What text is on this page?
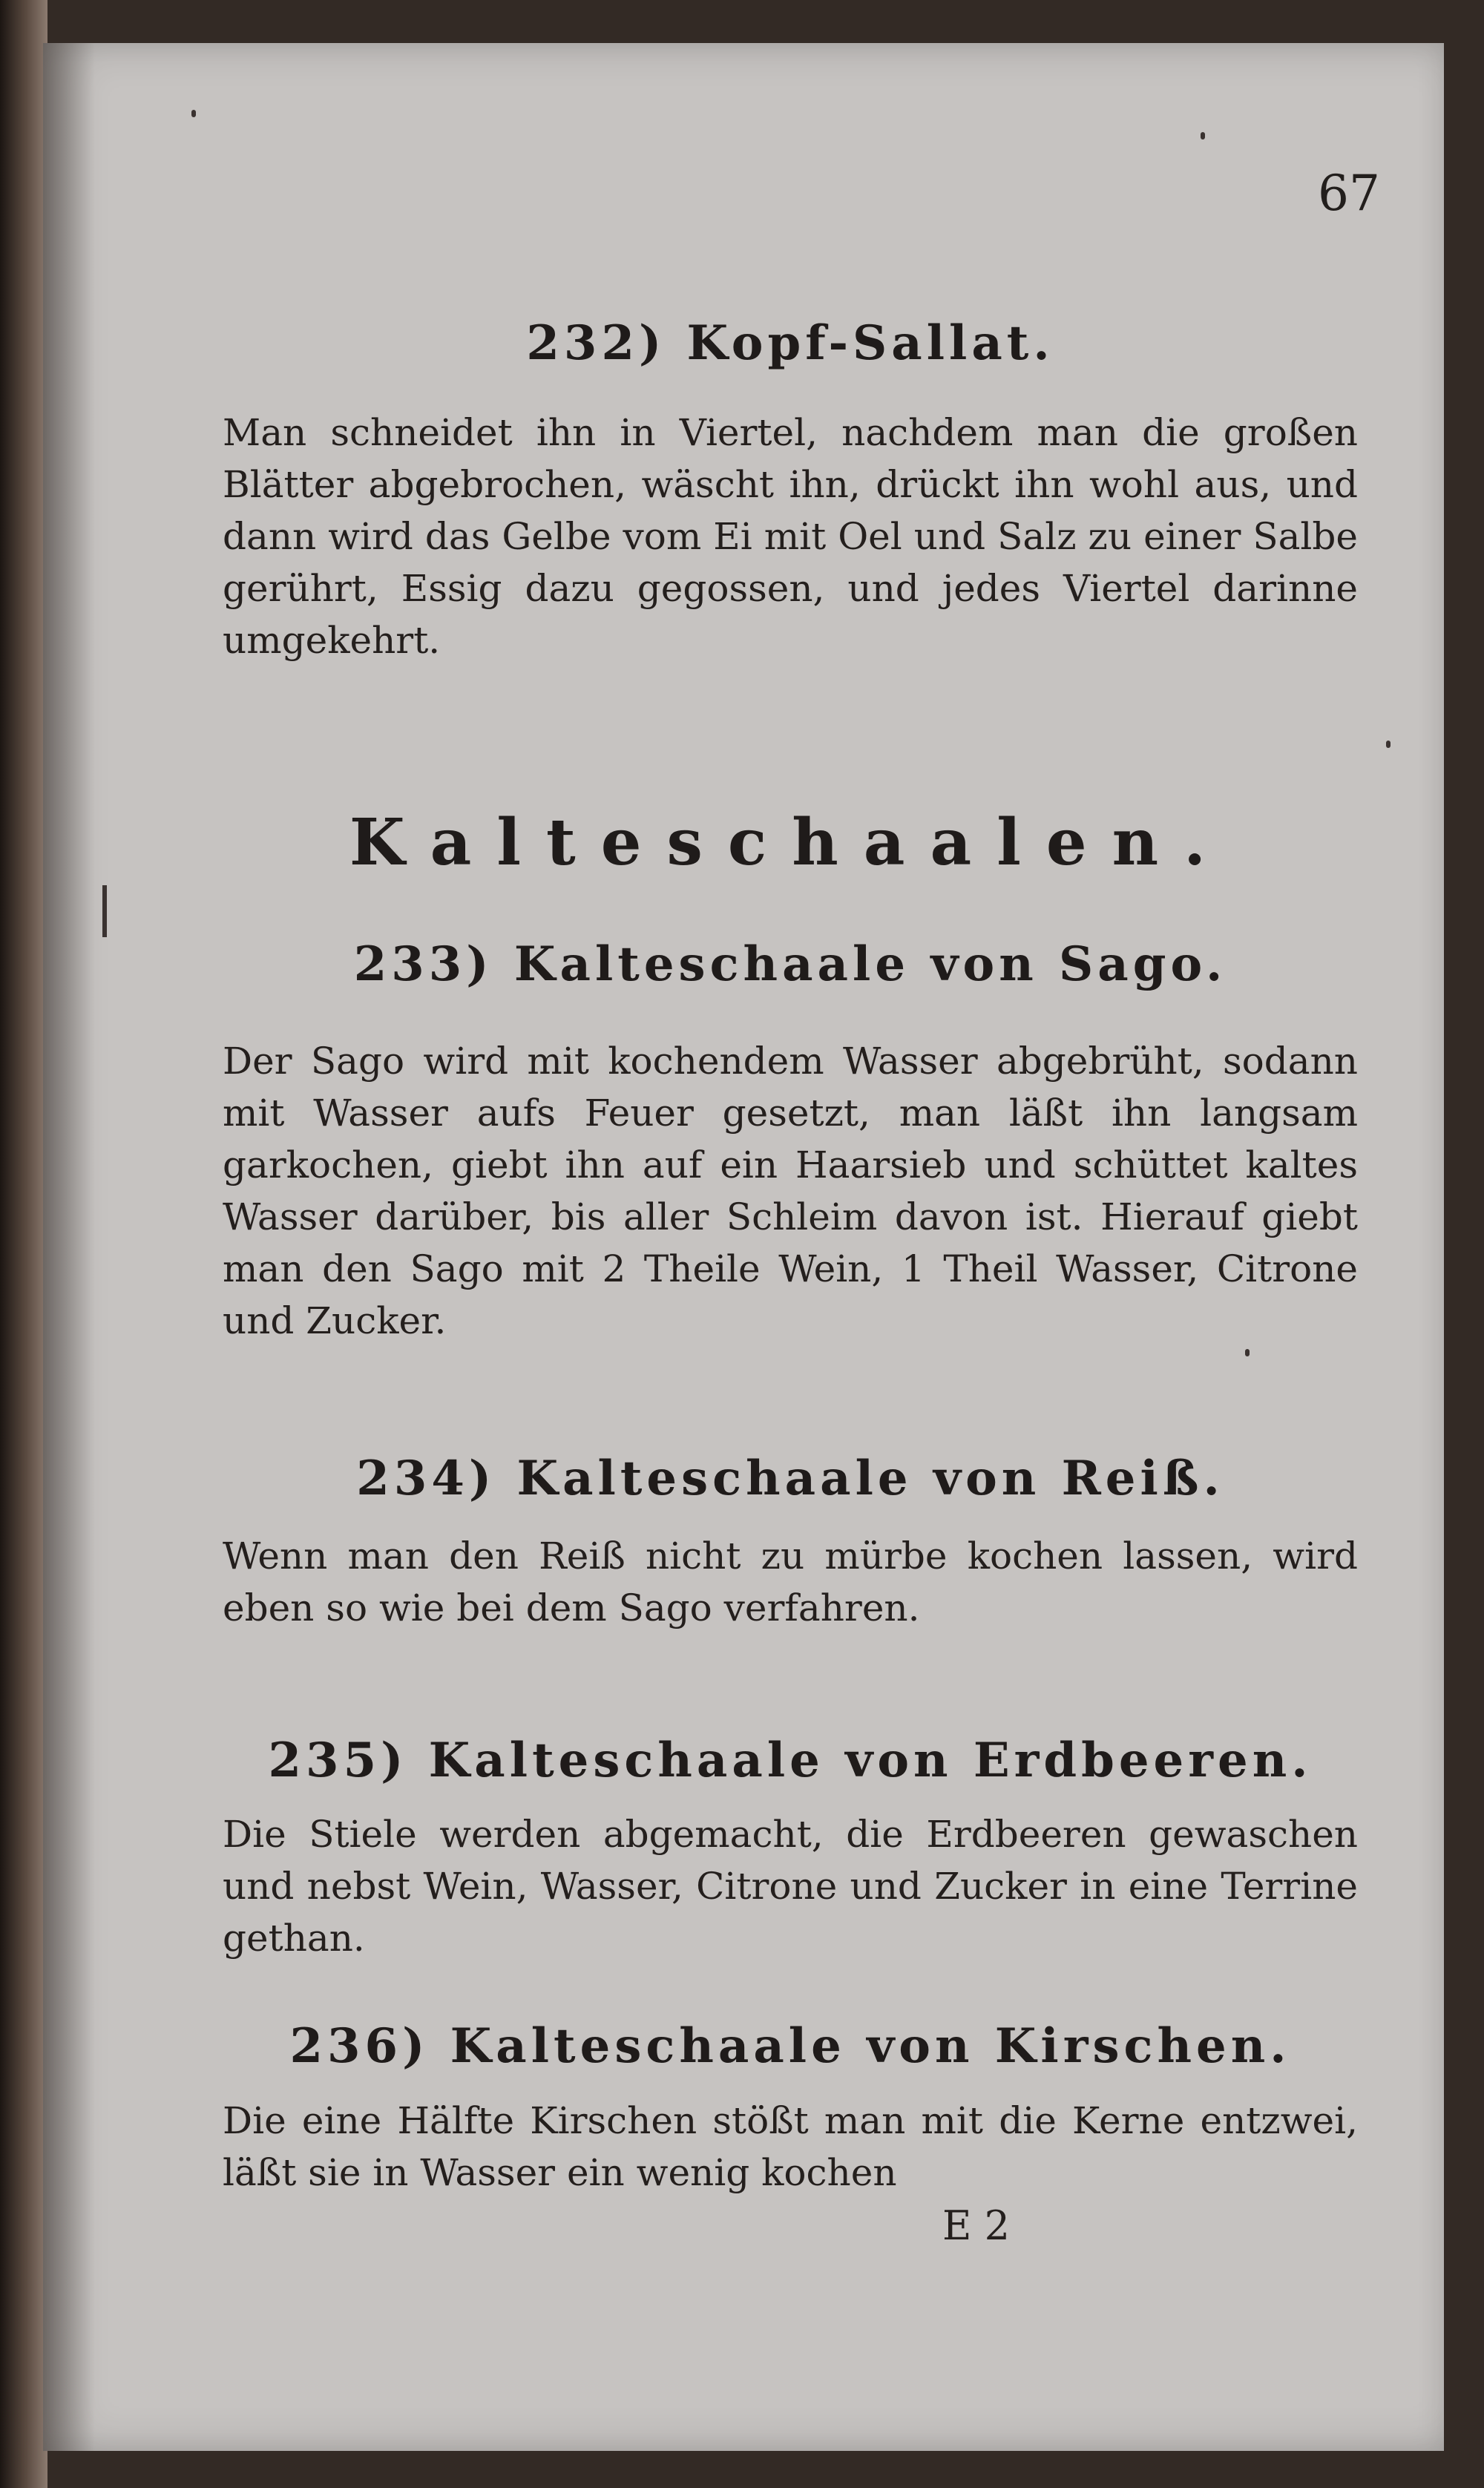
67
232) Kopf-Sallat.
Man schneidet ihn in Viertel, nachdem man die großen Blätter abgebrochen, wäscht ihn, drückt ihn wohl aus, und dann wird das Gelbe vom Ei mit Oel und Salz zu einer Salbe gerührt, Essig dazu gegossen, und jedes Viertel darinne umgekehrt.
Kalteschaalen.
233) Kalteschaale von Sago.
Der Sago wird mit kochendem Wasser abgebrüht, sodann mit Wasser aufs Feuer gesetzt, man läßt ihn langsam garkochen, giebt ihn auf ein Haarsieb und schüttet kaltes Wasser darüber, bis aller Schleim davon ist. Hierauf giebt man den Sago mit 2 Theile Wein, 1 Theil Wasser, Citrone und Zucker.
234) Kalteschaale von Reiß.
Wenn man den Reiß nicht zu mürbe kochen lassen, wird eben so wie bei dem Sago verfahren.
235) Kalteschaale von Erdbeeren.
Die Stiele werden abgemacht, die Erdbeeren gewaschen und nebst Wein, Wasser, Citrone und Zucker in eine Terrine gethan.
236) Kalteschaale von Kirschen.
Die eine Hälfte Kirschen stößt man mit die Kerne entzwei, läßt sie in Wasser ein wenig kochen
E 2
